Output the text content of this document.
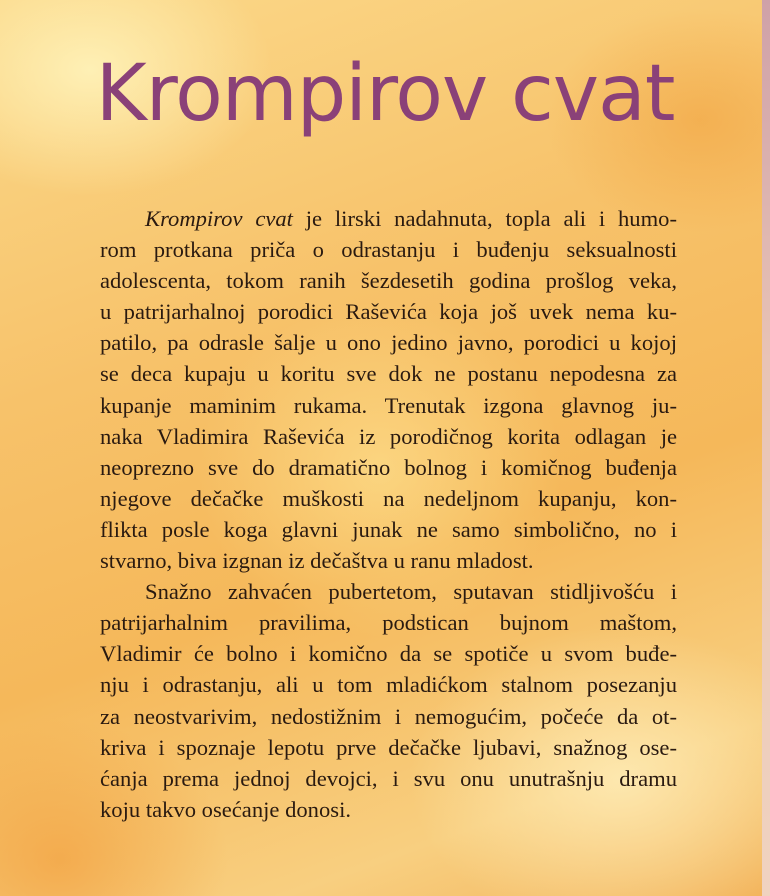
Krompirov cvat

Krompirov cvat je lirski nadahnuta, topla ali i humo-
rom protkana priča o odrastanju i buđenju seksualnosti
adolescenta, tokom ranih šezdesetih godina prošlog veka,
u patrijarhalnoj porodici Raševića koja još uvek nema ku-
patilo, pa odrasle šalje u ono jedino javno, porodici u kojoj
se deca kupaju u koritu sve dok ne postanu nepodesna za
kupanje maminim rukama. Trenutak izgona glavnog ju-
naka Vladimira Raševića iz porodičnog korita odlagan je
neoprezno sve do dramatično bolnog i komičnog buđenja
njegove dečačke muškosti na nedeljnom kupanju, kon-
flikta posle koga glavni junak ne samo simbolično, no i
stvarno, biva izgnan iz dečaštva u ranu mladost.

Snažno zahvaćen pubertetom, sputavan stidljivošću i
patrijarhalnim pravilima, podstican bujnom maštom,
Vladimir će bolno i komično da se spotiče u svom buđe-
nju i odrastanju, ali u tom mladićkom stalnom posezanju
za neostvarivim, nedostižnim i nemogućim, počeće da ot-
kriva i spoznaje lepotu prve dečačke ljubavi, snažnog ose-
ćanja prema jednoj devojci, i svu onu unutrašnju dramu
koju takvo osećanje donosi.
